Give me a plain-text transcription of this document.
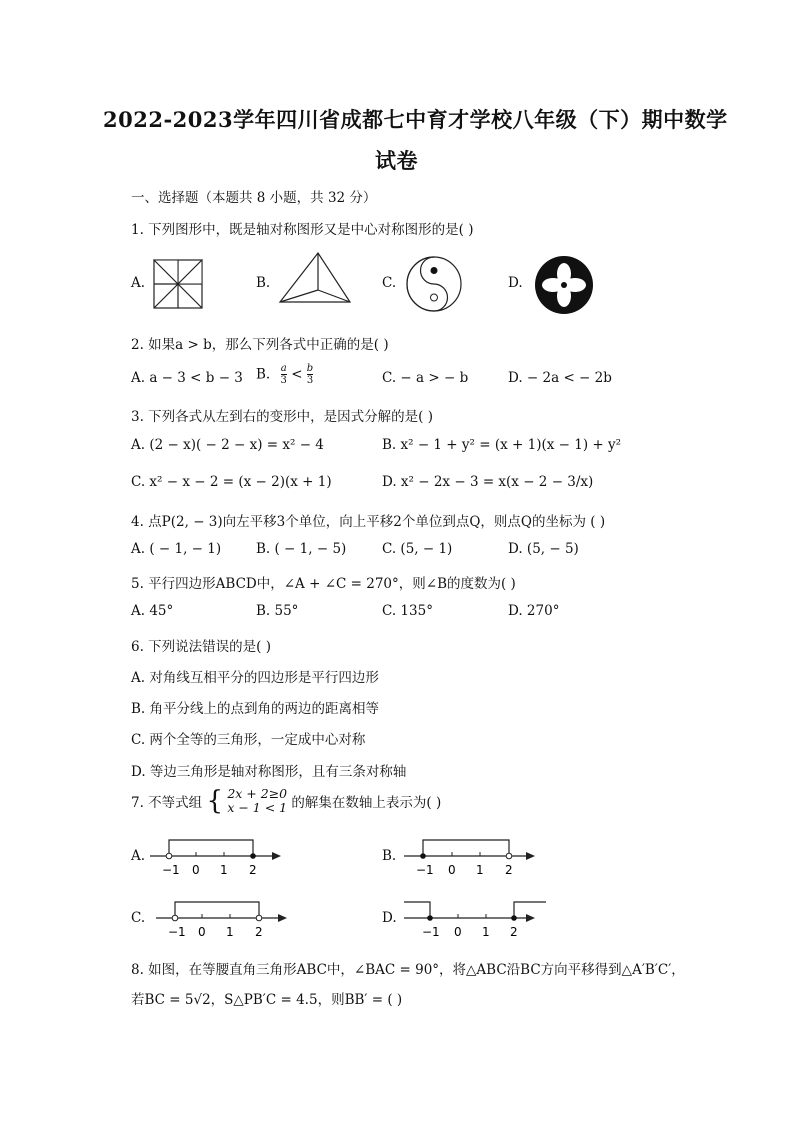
2022-2023学年四川省成都七中育才学校八年级（下）期中数学
试卷
一、选择题（本题共 8 小题，共 32 分）
1. 下列图形中，既是轴对称图形又是中心对称图形的是( )
A.	B.	C.	D.
2. 如果a > b，那么下列各式中正确的是( )
A. a − 3 < b − 3 B. $\frac{a}{3} < \frac{b}{3}$	C. − a > − b	D. − 2a < − 2b
3. 下列各式从左到右的变形中，是因式分解的是( )
A. (2 − x)( − 2 − x) = x² − 4	B. x² − 1 + y² = (x + 1)(x − 1) + y²
C. x² − x − 2 = (x − 2)(x + 1)	D. x² − 2x − 3 = x(x − 2 − 3/x)
4. 点P(2, − 3)向左平移3个单位，向上平移2个单位到点Q，则点Q的坐标为 ( )
A. ( − 1, − 1)	B. ( − 1, − 5)	C. (5, − 1)	D. (5, − 5)
5. 平行四边形ABCD中，∠A + ∠C = 270°，则∠B的度数为( )
A. 45°	B. 55°	C. 135°	D. 270°
6. 下列说法错误的是( )
A. 对角线互相平分的四边形是平行四边形
B. 角平分线上的点到角的两边的距离相等
C. 两个全等的三角形，一定成中心对称
D. 等边三角形是轴对称图形，且有三条对称轴
7. 不等式组 { 2x + 2≥0
x − 1 < 1 的解集在数轴上表示为( )
A.	B.
C.	D.
−1 0 1 2	−1 0 1 2
−1 0 1 2	−1 0 1 2
8. 如图，在等腰直角三角形ABC中，∠BAC = 90°，将△ABC沿BC方向平移得到△A′B′C′，
若BC = 5√2，S△PB′C = 4.5，则BB′ = ( )
